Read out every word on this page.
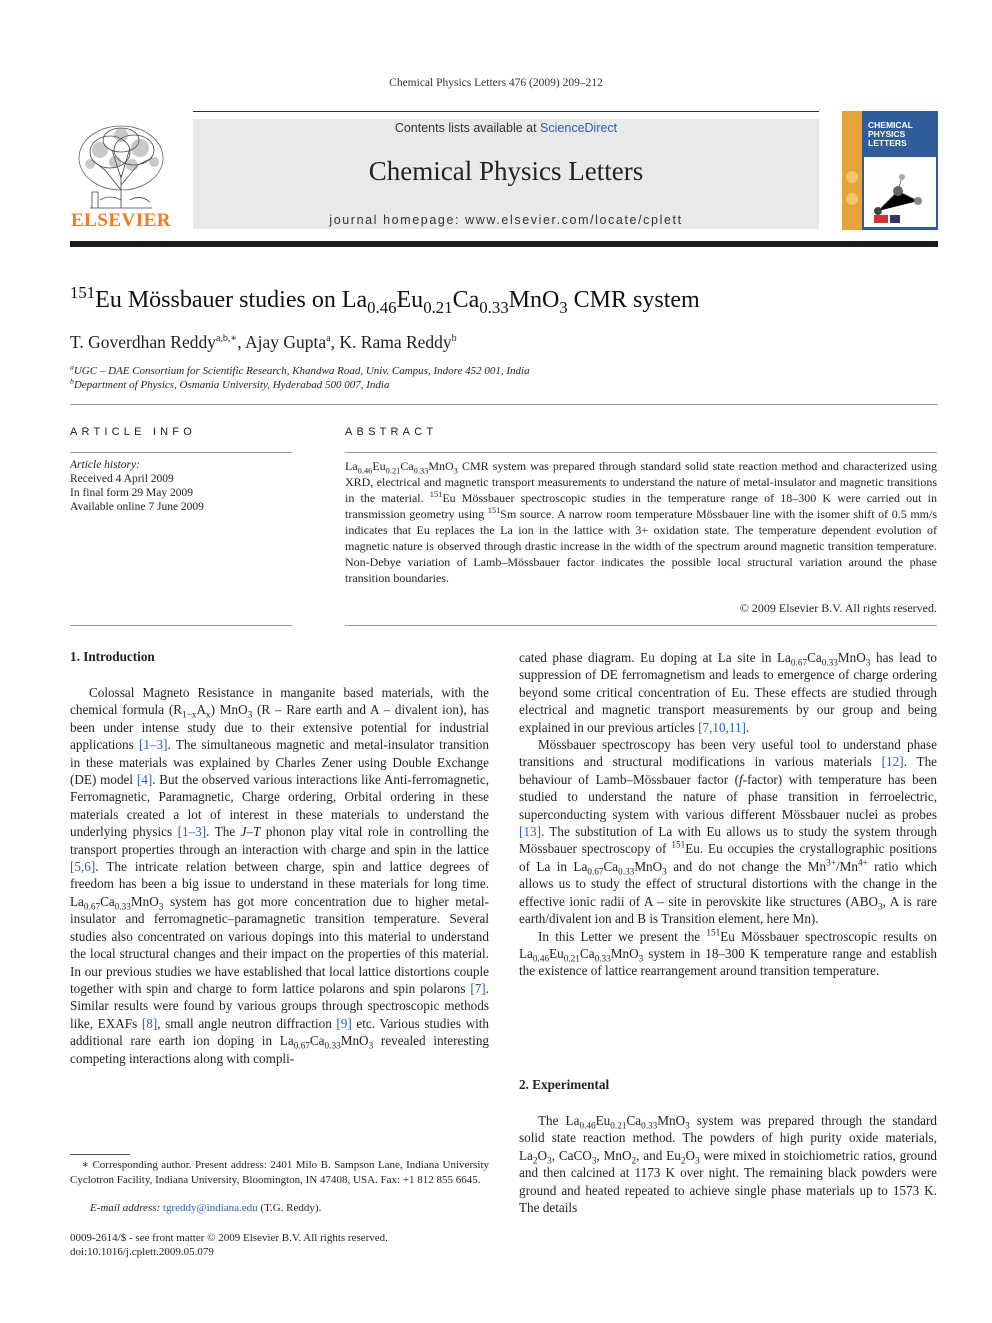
Chemical Physics Letters 476 (2009) 209–212
ELSEVIER
Contents lists available at ScienceDirect
Chemical Physics Letters
journal homepage: www.elsevier.com/locate/cplett
CHEMICAL
PHYSICS
LETTERS
$^{151}$Eu Mössbauer studies on $La_{0.46}Eu_{0.21}Ca_{0.33}MnO_3$ CMR system
T. Goverdhan Reddy$^{a,b,∗}$, Ajay Gupta$^a$, K. Rama Reddy$^b$
$^a$UGC – DAE Consortium for Scientific Research, Khandwa Road, Univ. Campus, Indore 452 001, India
$^b$Department of Physics, Osmania University, Hyderabad 500 007, India
ARTICLE INFO
Article history:
Received 4 April 2009
In final form 29 May 2009
Available online 7 June 2009
ABSTRACT
$La_{0.46}Eu_{0.21}Ca_{0.33}MnO_3$ CMR system was prepared through standard solid state reaction method and characterized using XRD, electrical and magnetic transport measurements to understand the nature of metal-insulator and magnetic transitions in the material. $^{151}$Eu Mössbauer spectroscopic studies in the temperature range of 18–300 K were carried out in transmission geometry using $^{151}$Sm source. A narrow room temperature Mössbauer line with the isomer shift of 0.5 mm/s indicates that Eu replaces the La ion in the lattice with 3+ oxidation state. The temperature dependent evolution of magnetic nature is observed through drastic increase in the width of the spectrum around magnetic transition temperature. Non-Debye variation of Lamb–Mössbauer factor indicates the possible local structural variation around the phase transition boundaries.
© 2009 Elsevier B.V. All rights reserved.
1. Introduction

Colossal Magneto Resistance in manganite based materials, with the chemical formula $(R_{1-x}A_x)$ MnO$_3$ (R – Rare earth and A – divalent ion), has been under intense study due to their extensive potential for industrial applications [1–3]. The simultaneous magnetic and metal-insulator transition in these materials was explained by Charles Zener using Double Exchange (DE) model [4]. But the observed various interactions like Anti-ferromagnetic, Ferromagnetic, Paramagnetic, Charge ordering, Orbital ordering in these materials created a lot of interest in these materials to understand the underlying physics [1–3]. The J–T phonon play vital role in controlling the transport properties through an interaction with charge and spin in the lattice [5,6]. The intricate relation between charge, spin and lattice degrees of freedom has been a big issue to understand in these materials for long time. $La_{0.67}Ca_{0.33}MnO_3$ system has got more concentration due to higher metal-insulator and ferromagnetic–paramagnetic transition temperature. Several studies also concentrated on various dopings into this material to understand the local structural changes and their impact on the properties of this material. In our previous studies we have established that local lattice distortions couple together with spin and charge to form lattice polarons and spin polarons [7]. Similar results were found by various groups through spectroscopic methods like, EXAFs [8], small angle neutron diffraction [9] etc. Various studies with additional rare earth ion doping in $La_{0.67}Ca_{0.33}MnO_3$ revealed interesting competing interactions along with compli-

∗ Corresponding author. Present address: 2401 Milo B. Sampson Lane, Indiana University Cyclotron Facility, Indiana University, Bloomington, IN 47408, USA. Fax: +1 812 855 6645.
E-mail address: tgreddy@indiana.edu (T.G. Reddy).
0009-2614/$ - see front matter © 2009 Elsevier B.V. All rights reserved.
doi:10.1016/j.cplett.2009.05.079

cated phase diagram. Eu doping at La site in $La_{0.67}Ca_{0.33}MnO_3$ has lead to suppression of DE ferromagnetism and leads to emergence of charge ordering beyond some critical concentration of Eu. These effects are studied through electrical and magnetic transport measurements by our group and being explained in our previous articles [7,10,11].

Mössbauer spectroscopy has been very useful tool to understand phase transitions and structural modifications in various materials [12]. The behaviour of Lamb–Mössbauer factor (f-factor) with temperature has been studied to understand the nature of phase transition in ferroelectric, superconducting system with various different Mössbauer nuclei as probes [13]. The substitution of La with Eu allows us to study the system through Mössbauer spectroscopy of $^{151}$Eu. Eu occupies the crystallographic positions of La in $La_{0.67}Ca_{0.33}MnO_3$ and do not change the $Mn^{3+}/Mn^{4+}$ ratio which allows us to study the effect of structural distortions with the change in the effective ionic radii of A – site in perovskite like structures ($ABO_3$, A is rare earth/divalent ion and B is Transition element, here Mn).

In this Letter we present the $^{151}$Eu Mössbauer spectroscopic results on $La_{0.46}Eu_{0.21}Ca_{0.33}MnO_3$ system in 18–300 K temperature range and establish the existence of lattice rearrangement around transition temperature.

2. Experimental

The $La_{0.46}Eu_{0.21}Ca_{0.33}MnO_3$ system was prepared through the standard solid state reaction method. The powders of high purity oxide materials, $La_2O_3$, CaCO$_3$, MnO$_2$, and $Eu_2O_3$ were mixed in stoichiometric ratios, ground and then calcined at 1173 K over night. The remaining black powders were ground and heated repeated to achieve single phase materials up to 1573 K. The details
